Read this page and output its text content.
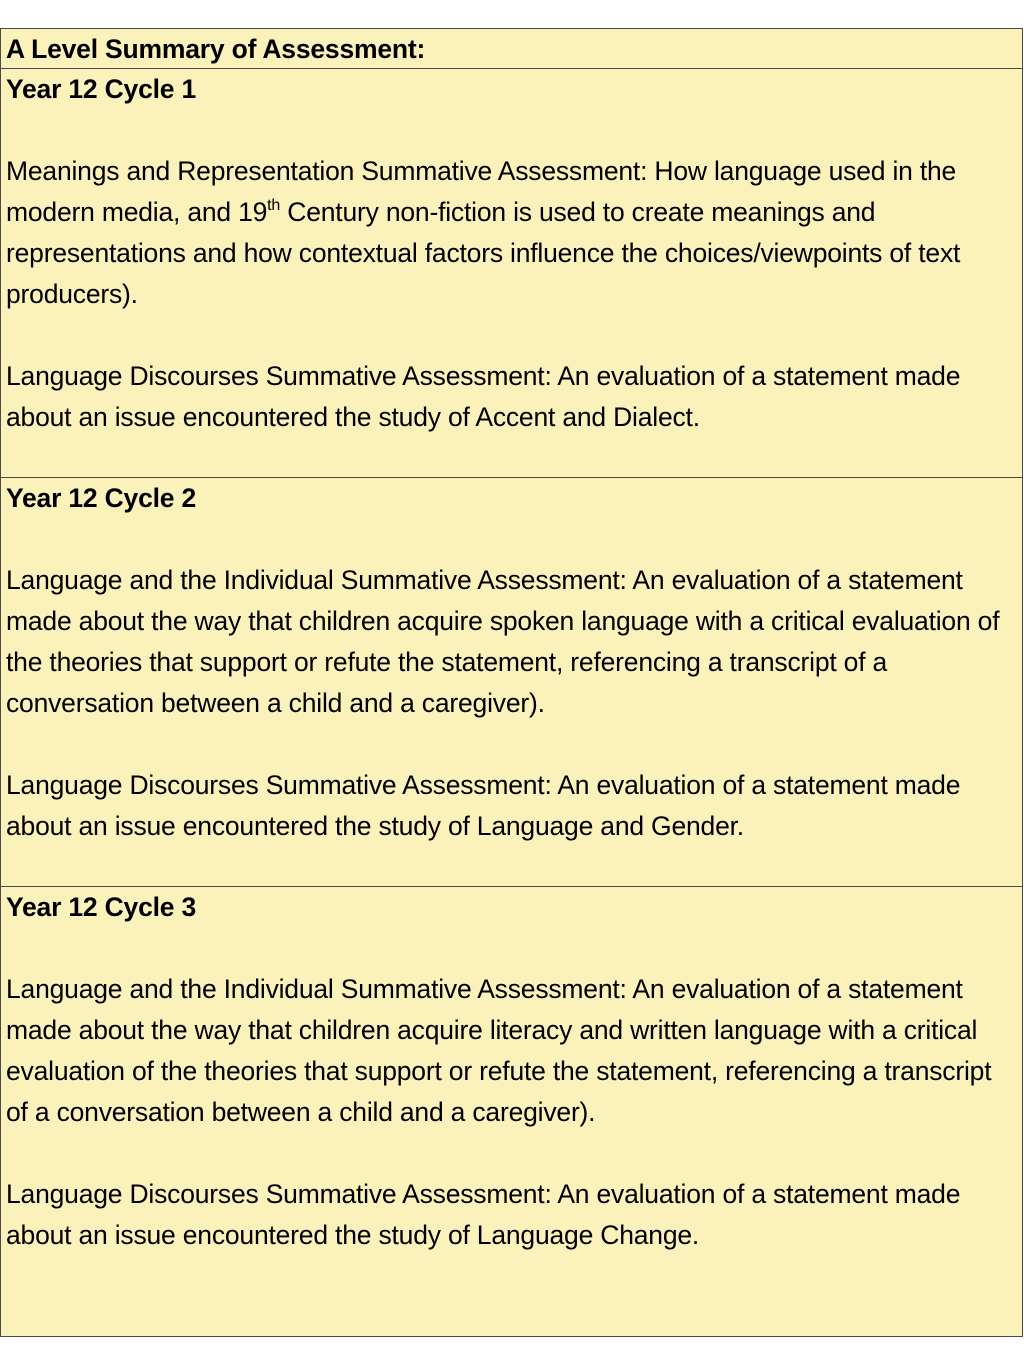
A Level Summary of Assessment:

Year 12 Cycle 1

Meanings and Representation Summative Assessment: How language used in the modern media, and 19th Century non-fiction is used to create meanings and representations and how contextual factors influence the choices/viewpoints of text producers).

Language Discourses Summative Assessment: An evaluation of a statement made about an issue encountered the study of Accent and Dialect.

Year 12 Cycle 2

Language and the Individual Summative Assessment: An evaluation of a statement made about the way that children acquire spoken language with a critical evaluation of the theories that support or refute the statement, referencing a transcript of a conversation between a child and a caregiver).

Language Discourses Summative Assessment: An evaluation of a statement made about an issue encountered the study of Language and Gender.

Year 12 Cycle 3

Language and the Individual Summative Assessment: An evaluation of a statement made about the way that children acquire literacy and written language with a critical evaluation of the theories that support or refute the statement, referencing a transcript of a conversation between a child and a caregiver).

Language Discourses Summative Assessment: An evaluation of a statement made about an issue encountered the study of Language Change.
